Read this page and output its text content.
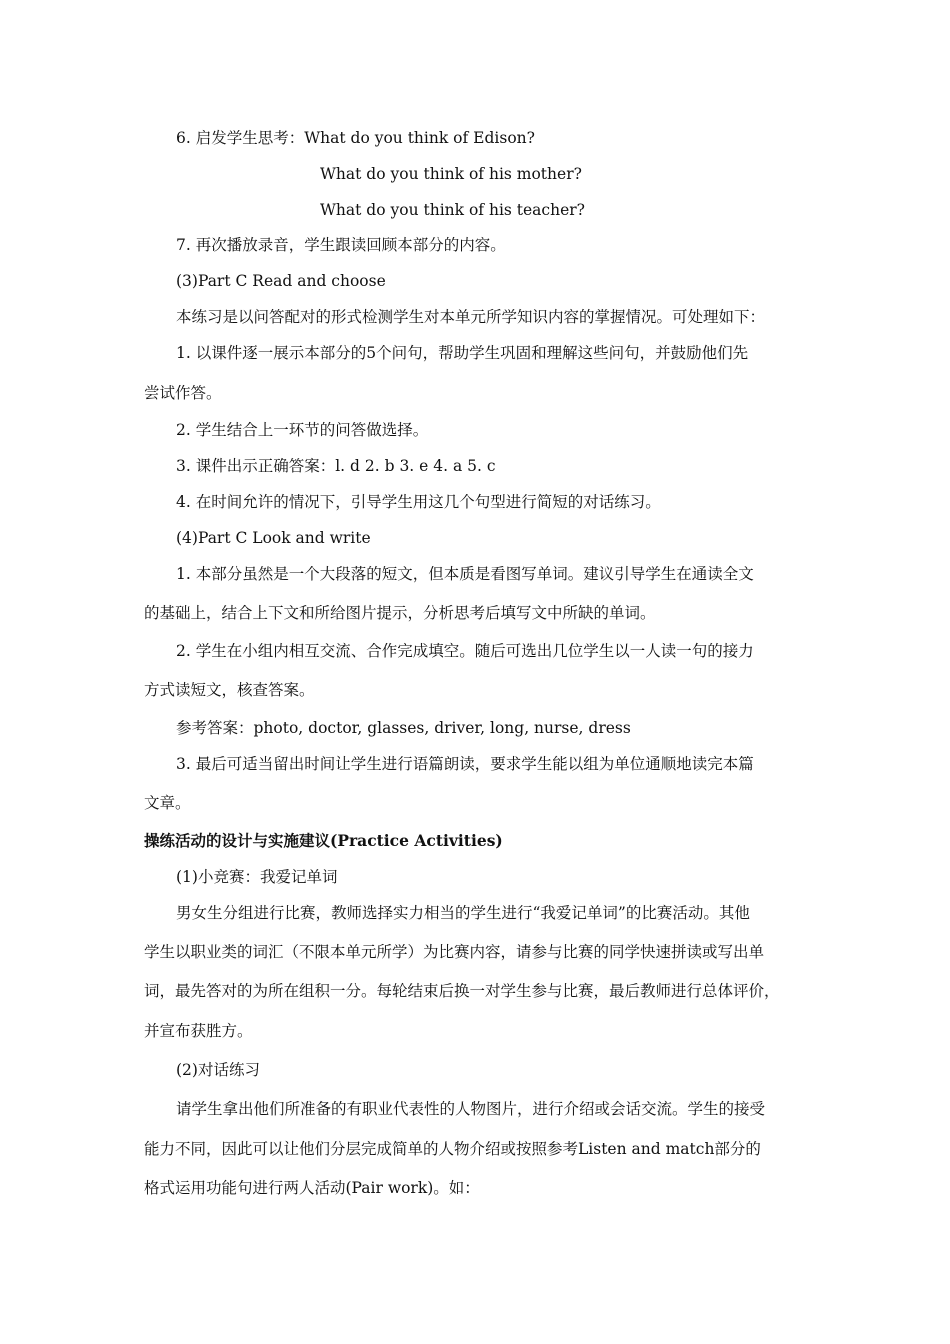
6. 启发学生思考：What do you think of Edison?
What do you think of his mother?
What do you think of his teacher?
7. 再次播放录音，学生跟读回顾本部分的内容。
(3)Part C Read and choose
本练习是以问答配对的形式检测学生对本单元所学知识内容的掌握情况。可处理如下：
1. 以课件逐一展示本部分的5个问句，帮助学生巩固和理解这些问句，并鼓励他们先
尝试作答。
2. 学生结合上一环节的问答做选择。
3. 课件出示正确答案：l. d 2. b 3. e 4. a 5. c
4. 在时间允许的情况下，引导学生用这几个句型进行简短的对话练习。
(4)Part C Look and write
1. 本部分虽然是一个大段落的短文，但本质是看图写单词。建议引导学生在通读全文
的基础上，结合上下文和所给图片提示，分析思考后填写文中所缺的单词。
2. 学生在小组内相互交流、合作完成填空。随后可选出几位学生以一人读一句的接力
方式读短文，核查答案。
参考答案：photo, doctor, glasses, driver, long, nurse, dress
3. 最后可适当留出时间让学生进行语篇朗读，要求学生能以组为单位通顺地读完本篇
文章。
操练活动的设计与实施建议(Practice Activities)
(1)小竞赛：我爱记单词
男女生分组进行比赛，教师选择实力相当的学生进行“我爱记单词”的比赛活动。其他
学生以职业类的词汇（不限本单元所学）为比赛内容，请参与比赛的同学快速拼读或写出单
词，最先答对的为所在组积一分。每轮结束后换一对学生参与比赛，最后教师进行总体评价，
并宣布获胜方。
(2)对话练习
请学生拿出他们所准备的有职业代表性的人物图片，进行介绍或会话交流。学生的接受
能力不同，因此可以让他们分层完成简单的人物介绍或按照参考Listen and match部分的
格式运用功能句进行两人活动(Pair work)。如：
